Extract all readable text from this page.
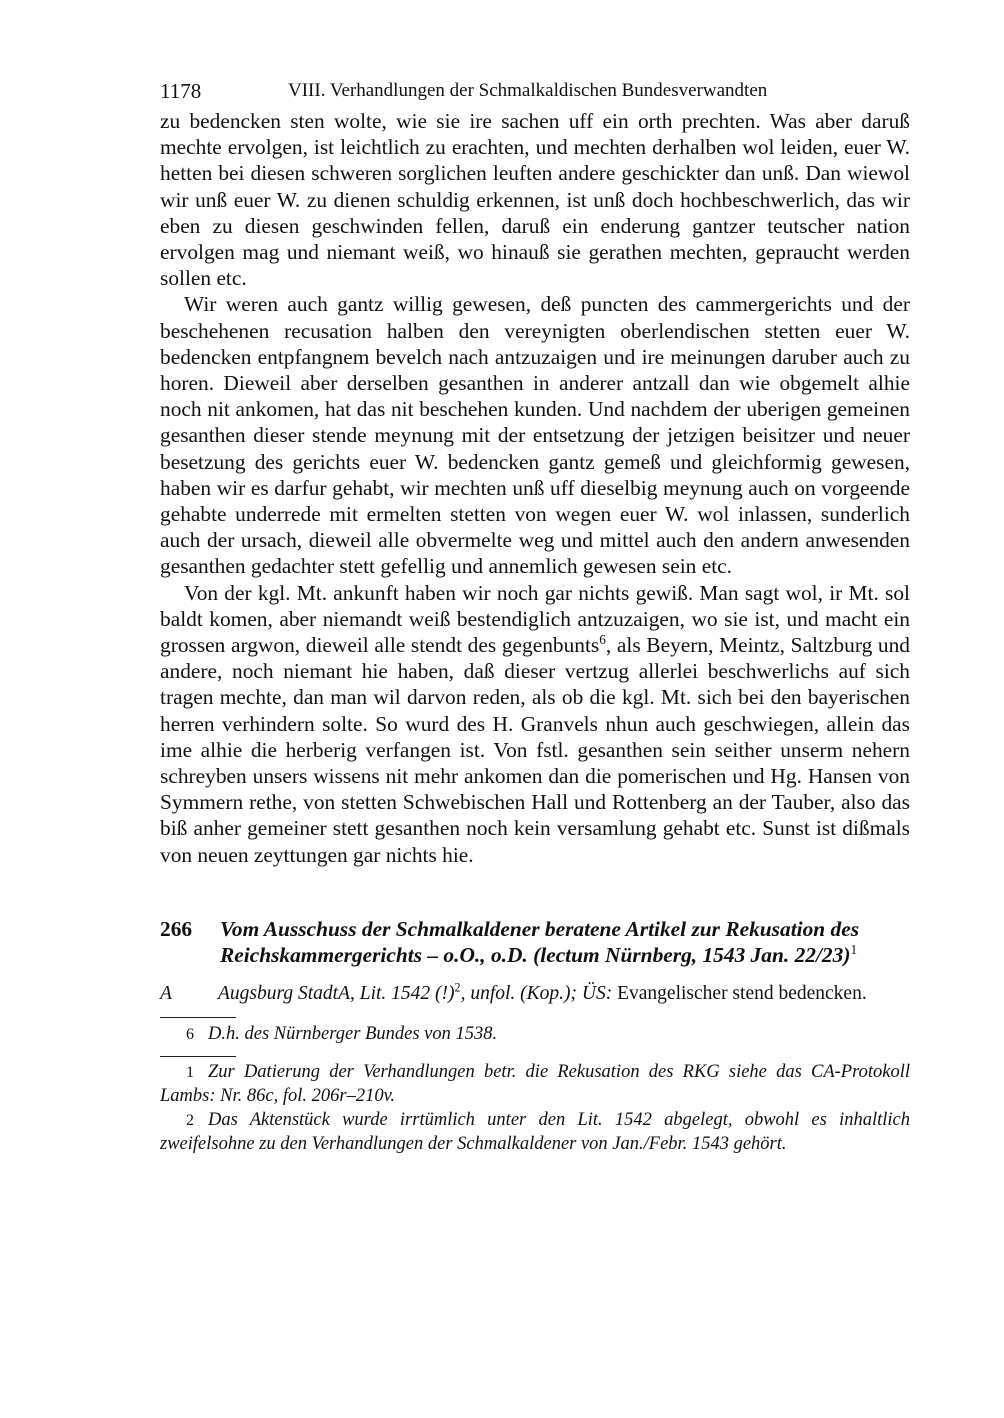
1178	VIII. Verhandlungen der Schmalkaldischen Bundesverwandten

zu bedencken sten wolte, wie sie ire sachen uff ein orth prechten. Was aber daruß mechte ervolgen, ist leichtlich zu erachten, und mechten derhalben wol leiden, euer W. hetten bei diesen schweren sorglichen leuften andere geschickter dan unß. Dan wiewol wir unß euer W. zu dienen schuldig erkennen, ist unß doch hochbeschwerlich, das wir eben zu diesen geschwinden fellen, daruß ein enderung gantzer teutscher nation ervolgen mag und niemant weiß, wo hinauß sie gerathen mechten, gepraucht werden sollen etc.

Wir weren auch gantz willig gewesen, deß puncten des cammergerichts und der beschehenen recusation halben den vereynigten oberlendischen stetten euer W. bedencken entpfangnem bevelch nach antzuzaigen und ire meinungen daruber auch zu horen. Dieweil aber derselben gesanthen in anderer antzall dan wie obgemelt alhie noch nit ankomen, hat das nit beschehen kunden. Und nachdem der uberigen gemeinen gesanthen dieser stende meynung mit der entsetzung der jetzigen beisitzer und neuer besetzung des gerichts euer W. bedencken gantz gemeß und gleichformig gewesen, haben wir es darfur gehabt, wir mechten unß uff dieselbig meynung auch on vorgeende gehabte underrede mit ermelten stetten von wegen euer W. wol inlassen, sunderlich auch der ursach, dieweil alle obvermelte weg und mittel auch den andern anwesenden gesanthen gedachter stett gefellig und annemlich gewesen sein etc.

Von der kgl. Mt. ankunft haben wir noch gar nichts gewiß. Man sagt wol, ir Mt. sol baldt komen, aber niemandt weiß bestendiglich antzuzaigen, wo sie ist, und macht ein grossen argwon, dieweil alle stendt des gegenbunts$^6$, als Beyern, Meintz, Saltzburg und andere, noch niemant hie haben, daß dieser vertzug allerlei beschwerlichs auf sich tragen mechte, dan man wil darvon reden, als ob die kgl. Mt. sich bei den bayerischen herren verhindern solte. So wurd des H. Granvels nhun auch geschwiegen, allein das ime alhie die herberig verfangen ist. Von fstl. gesanthen sein seither unserm nehern schreyben unsers wissens nit mehr ankomen dan die pomerischen und Hg. Hansen von Symmern rethe, von stetten Schwebischen Hall und Rottenberg an der Tauber, also das biß anher gemeiner stett gesanthen noch kein versamlung gehabt etc. Sunst ist dißmals von neuen zeyttungen gar nichts hie.

266	Vom Ausschuss der Schmalkaldener beratene Artikel zur Rekusation des Reichskammergerichts – o.O., o.D. (lectum Nürnberg, 1543 Jan. 22/23)$^1$
A	Augsburg StadtA, Lit. 1542 (!)$^2$, unfol. (Kop.); ÜS: Evangelischer stend bedencken.

6 D.h. des Nürnberger Bundes von 1538.

1 Zur Datierung der Verhandlungen betr. die Rekusation des RKG siehe das CA-Protokoll Lambs: Nr. 86c, fol. 206r–210v.

2 Das Aktenstück wurde irrtümlich unter den Lit. 1542 abgelegt, obwohl es inhaltlich zweifelsohne zu den Verhandlungen der Schmalkaldener von Jan./Febr. 1543 gehört.
